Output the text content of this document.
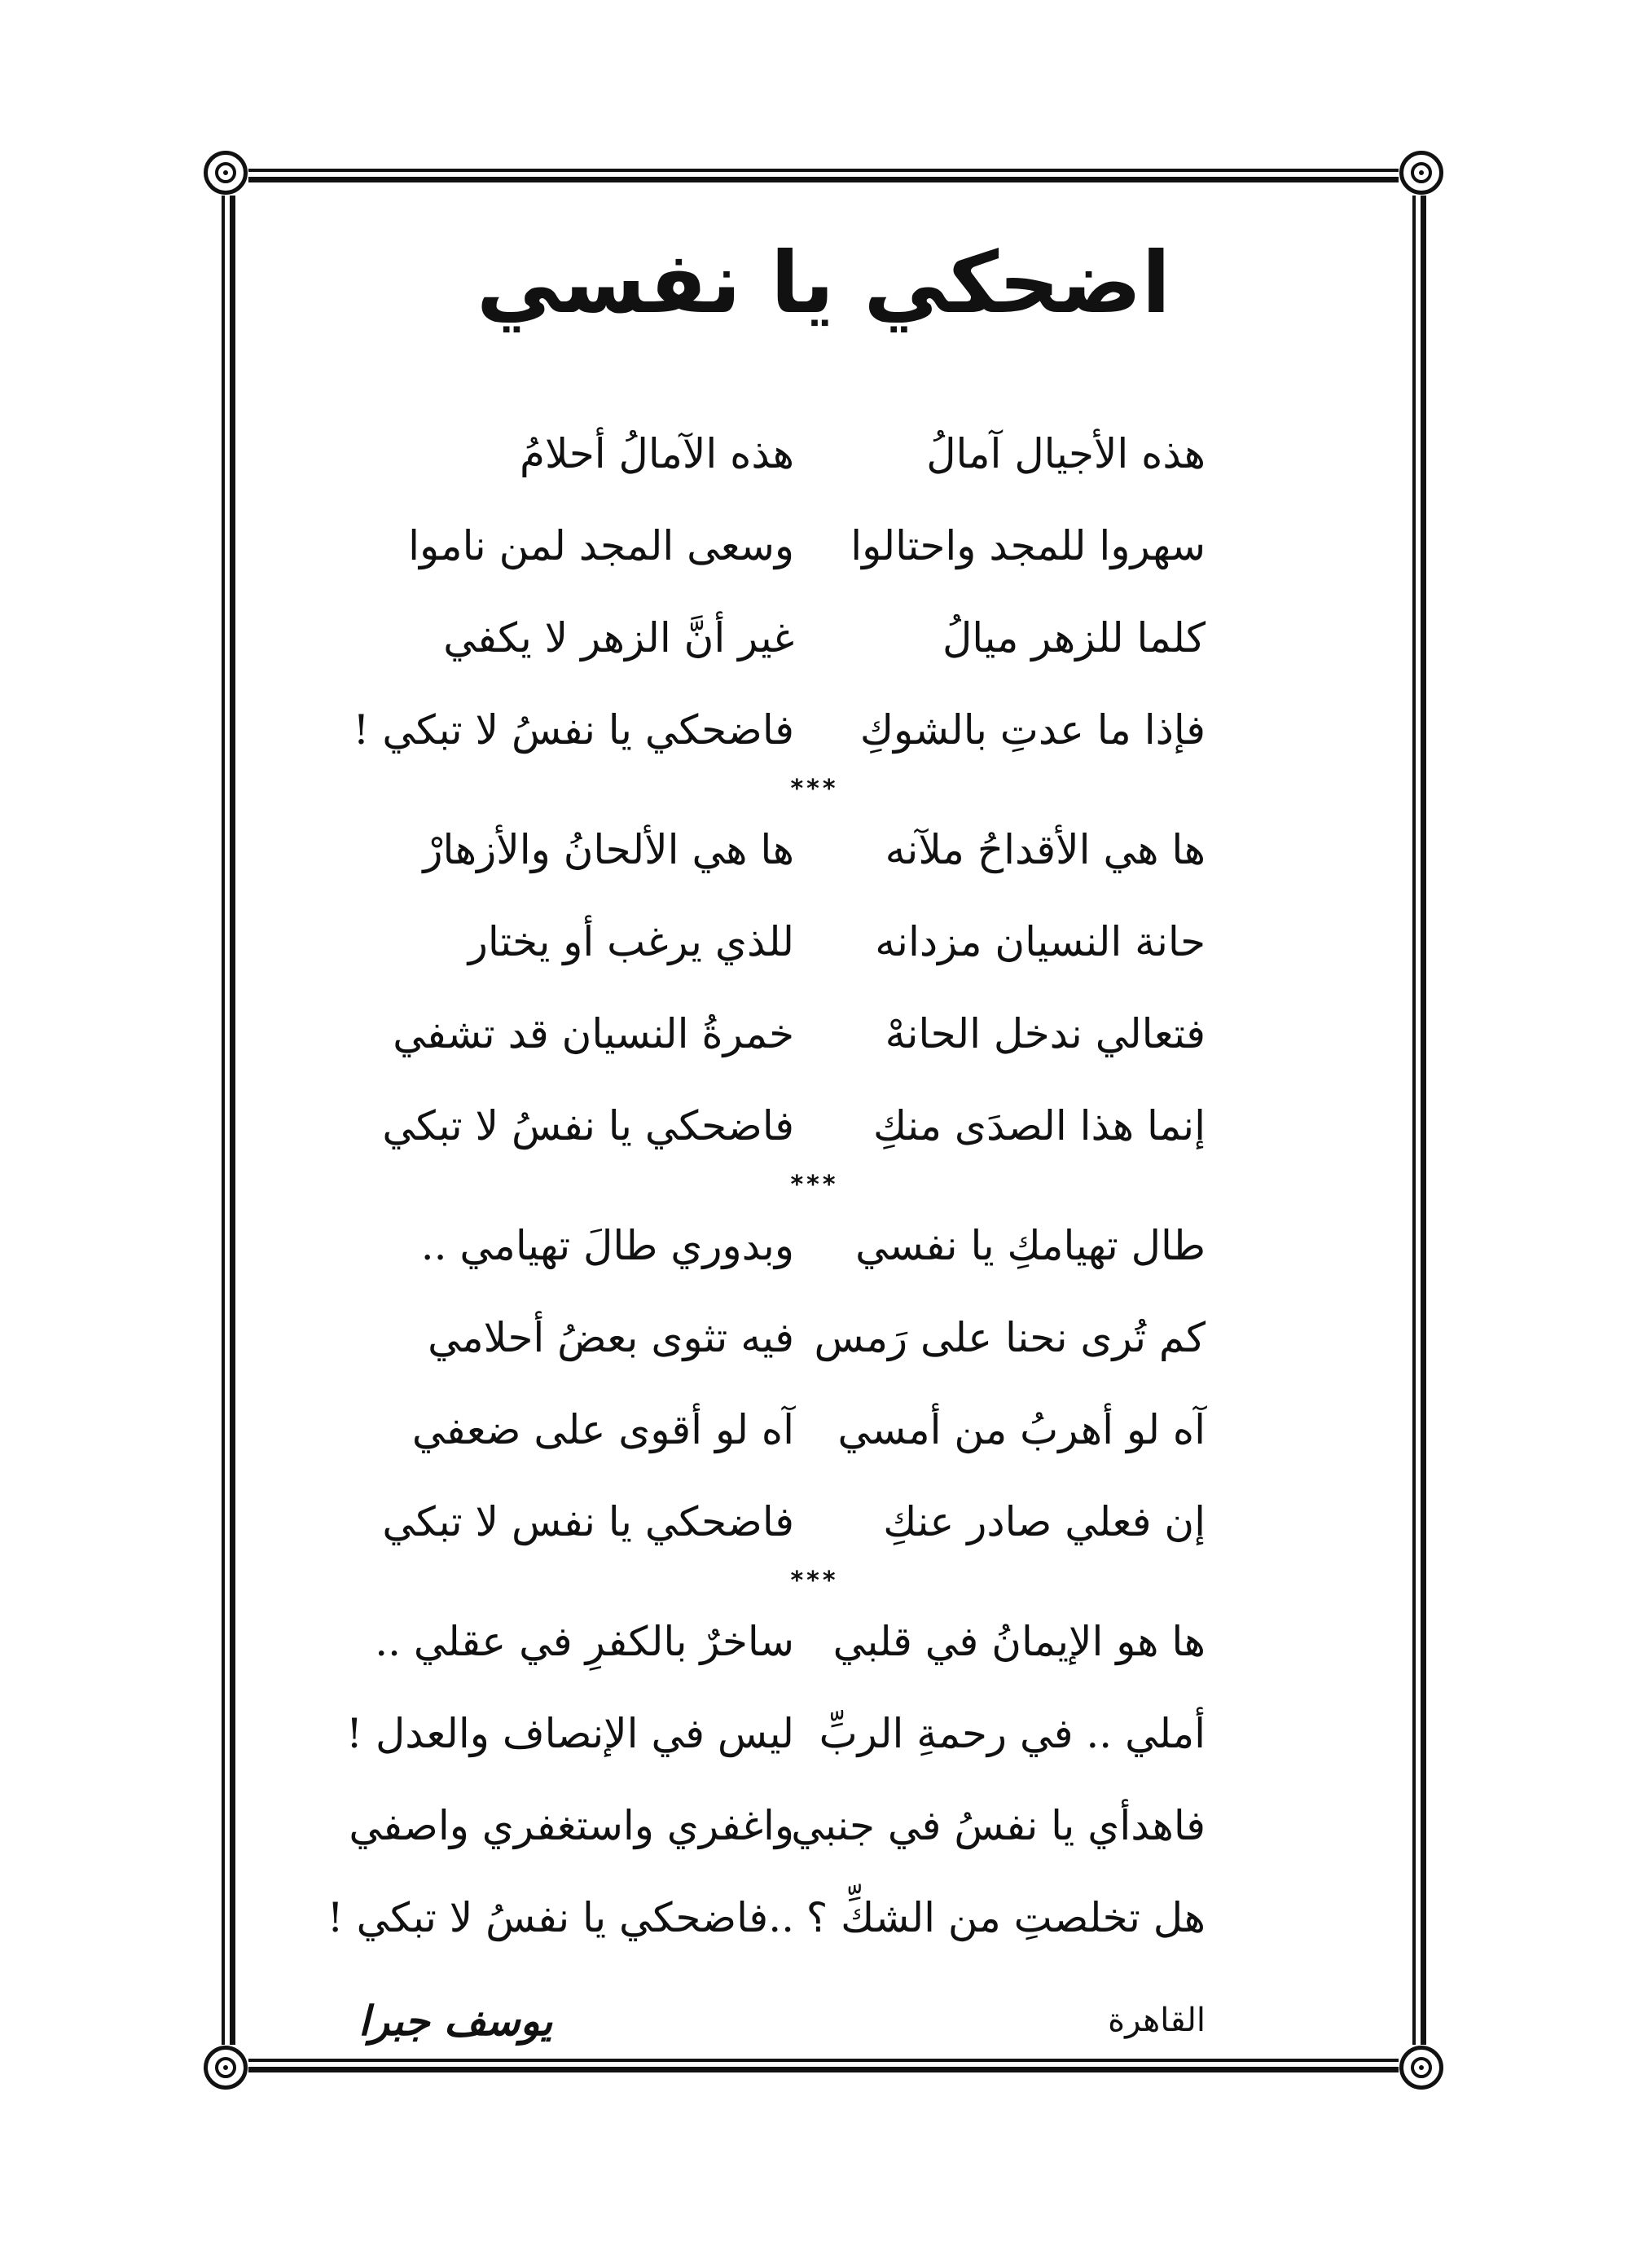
اضحكي يا نفسي
هذه الأجيال آمالُ
هذه الآمالُ أحلامُ
سهروا للمجد واحتالوا
وسعى المجد لمن ناموا
كلما للزهر ميالُ
غير أنَّ الزهر لا يكفي
فإذا ما عدتِ بالشوكِ
فاضحكي يا نفسُ لا تبكي !
***
ها هي الأقداحُ ملآنه
ها هي الألحانُ والأزهارْ
حانة النسيان مزدانه
للذي يرغب أو يختار
فتعالي ندخل الحانهْ
خمرةُ النسيان قد تشفي
إنما هذا الصدَى منكِ
فاضحكي يا نفسُ لا تبكي
***
طال تهيامكِ يا نفسي
وبدوري طالَ تهيامي ..
كم تُرى نحنا على رَمس
فيه تثوى بعضُ أحلامي
آه لو أهربُ من أمسي
آه لو أقوى على ضعفي
إن فعلي صادر عنكِ
فاضحكي يا نفس لا تبكي
***
ها هو الإيمانُ في قلبي
ساخرٌ بالكفرِ في عقلي ..
أملي .. في رحمةِ الربِّ
ليس في الإنصاف والعدل !
فاهدأي يا نفسُ في جنبي
واغفري واستغفري واصفي
هل تخلصتِ من الشكِّ ؟
..فاضحكي يا نفسُ لا تبكي !
القاهرة
يوسف جبرا
